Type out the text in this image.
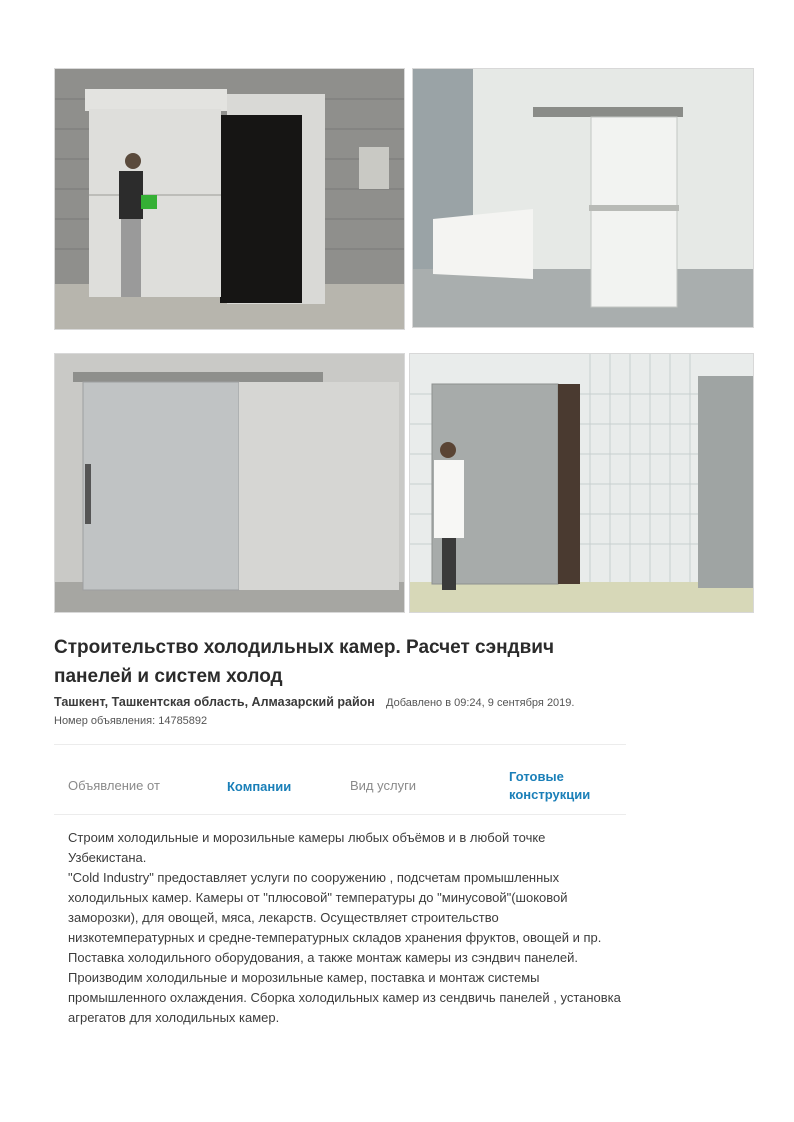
Строительство холодильных камер. Расчет сэндвич панелей и систем холод
Ташкент, Ташкентская область, Алмазарский район Добавлено в 09:24, 9 сентября 2019.
Номер объявления: 14785892
Объявление от	Компании	Вид услуги
Готовые
конструкции

Строим холодильные и морозильные камеры любых объёмов и в любой точке Узбекистана.

"Cold Industry" предоставляет услуги по сооружению , подсчетам промышленных холодильных камер. Камеры от "плюсовой" температуры до "минусовой"(шоковой заморозки), для овощей, мяса, лекарств. Осуществляет строительство низкотемпературных и средне-температурных складов хранения фруктов, овощей и пр.

Поставка холодильного оборудования, а также монтаж камеры из сэндвич панелей.

Производим холодильные и морозильные камер, поставка и монтаж системы промышленного охлаждения. Сборка холодильных камер из сендвичь панелей , установка агрегатов для холодильных камер.
